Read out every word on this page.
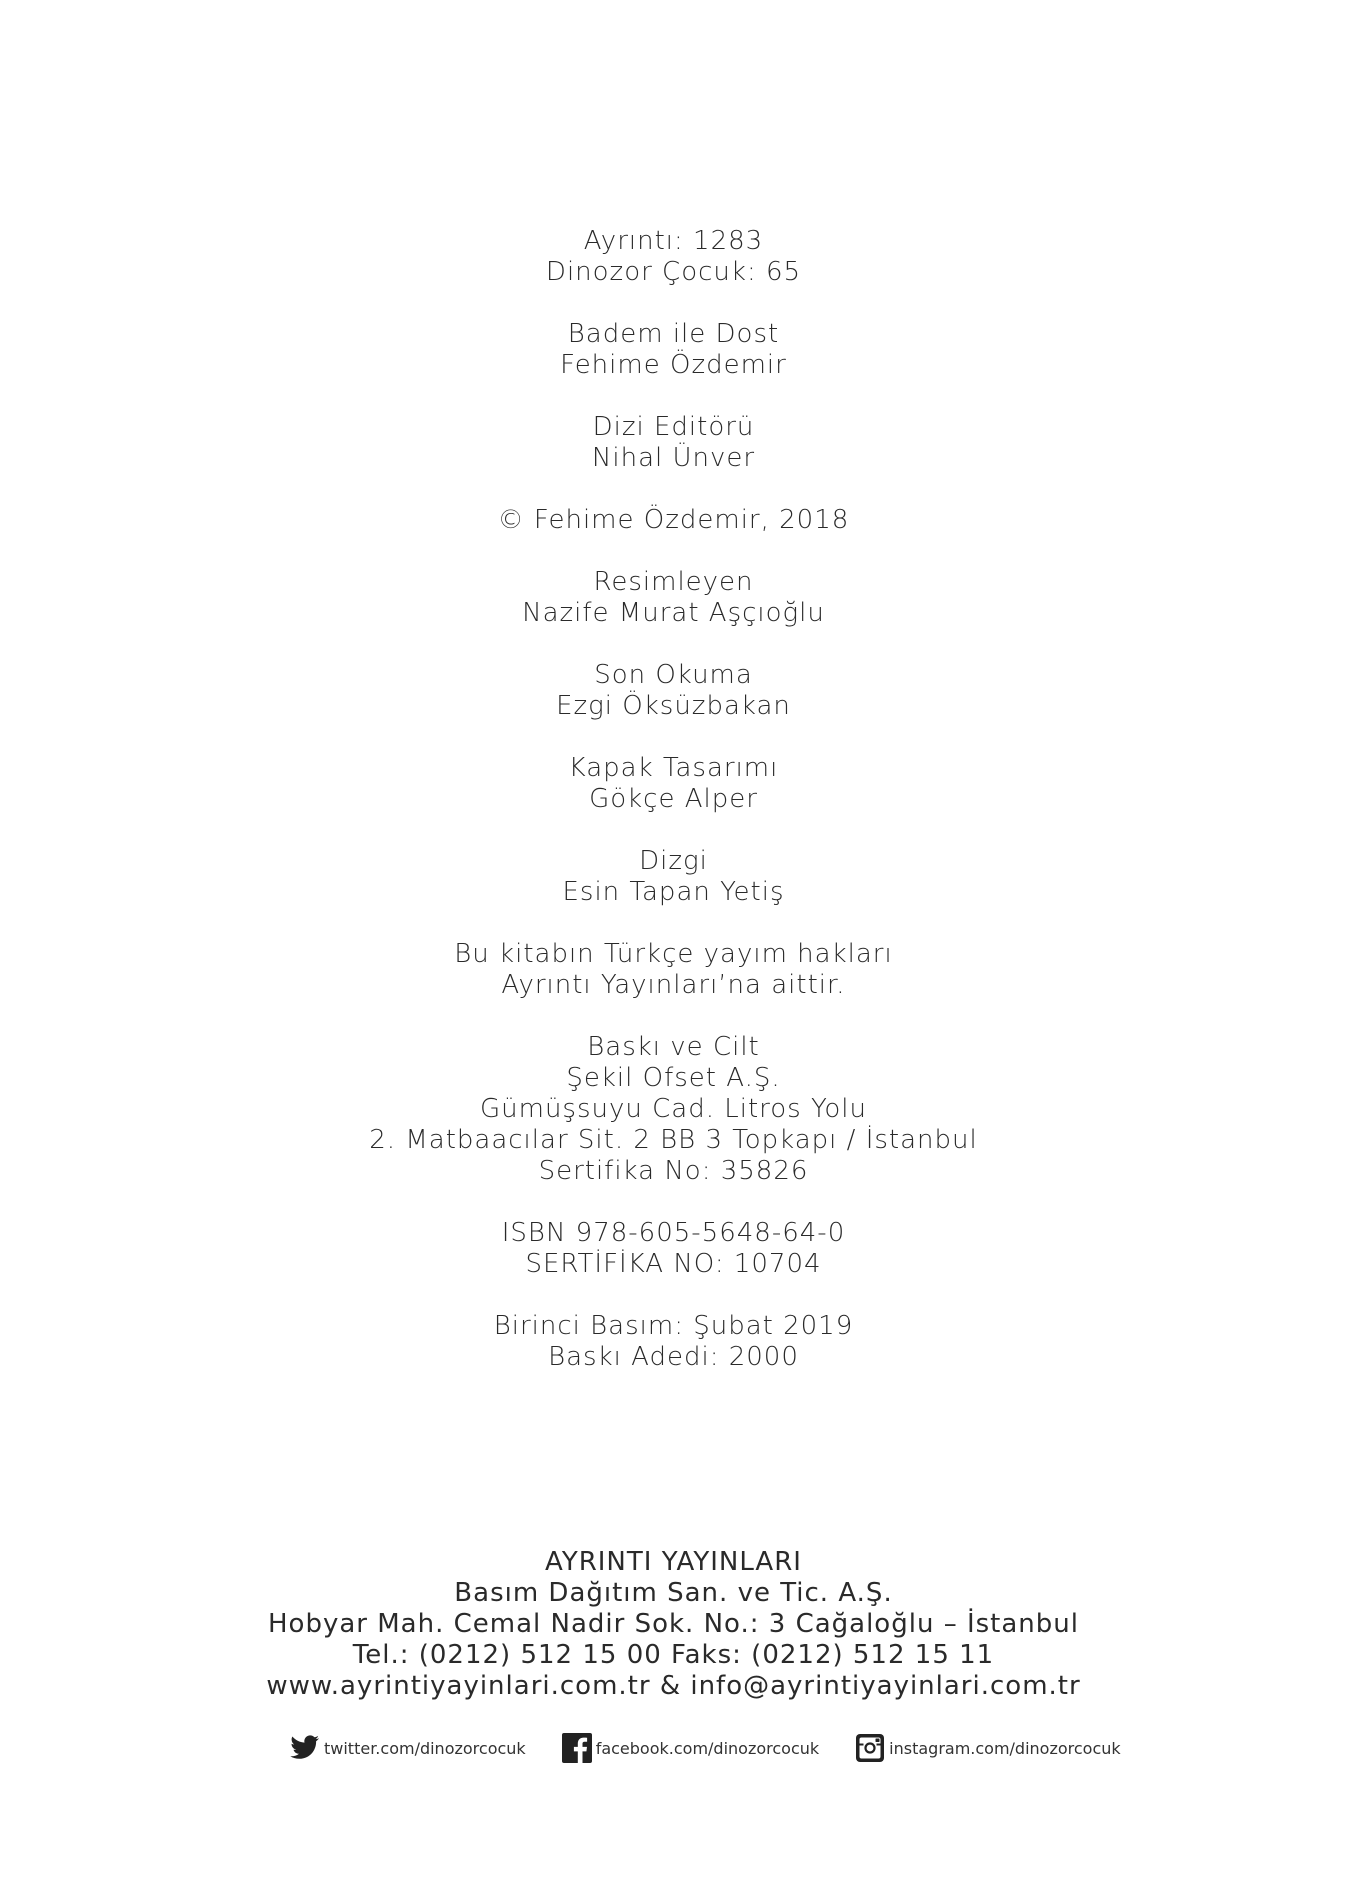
Ayrıntı: 1283
Dinozor Çocuk: 65
Badem ile Dost
Fehime Özdemir
Dizi Editörü
Nihal Ünver
© Fehime Özdemir, 2018
Resimleyen
Nazife Murat Aşçıoğlu
Son Okuma
Ezgi Öksüzbakan
Kapak Tasarımı
Gökçe Alper
Dizgi
Esin Tapan Yetiş
Bu kitabın Türkçe yayım hakları
Ayrıntı Yayınları’na aittir.
Baskı ve Cilt
Şekil Ofset A.Ş.
Gümüşsuyu Cad. Litros Yolu
2. Matbaacılar Sit. 2 BB 3 Topkapı / İstanbul
Sertifika No: 35826
ISBN 978-605-5648-64-0
SERTİFİKA NO: 10704
Birinci Basım: Şubat 2019
Baskı Adedi: 2000
AYRINTI YAYINLARI
Basım Dağıtım San. ve Tic. A.Ş.
Hobyar Mah. Cemal Nadir Sok. No.: 3 Cağaloğlu – İstanbul
Tel.: (0212) 512 15 00 Faks: (0212) 512 15 11
www.ayrintiyayinlari.com.tr & info@ayrintiyayinlari.com.tr
twitter.com/dinozorcocuk	facebook.com/dinozorcocuk	instagram.com/dinozorcocuk
